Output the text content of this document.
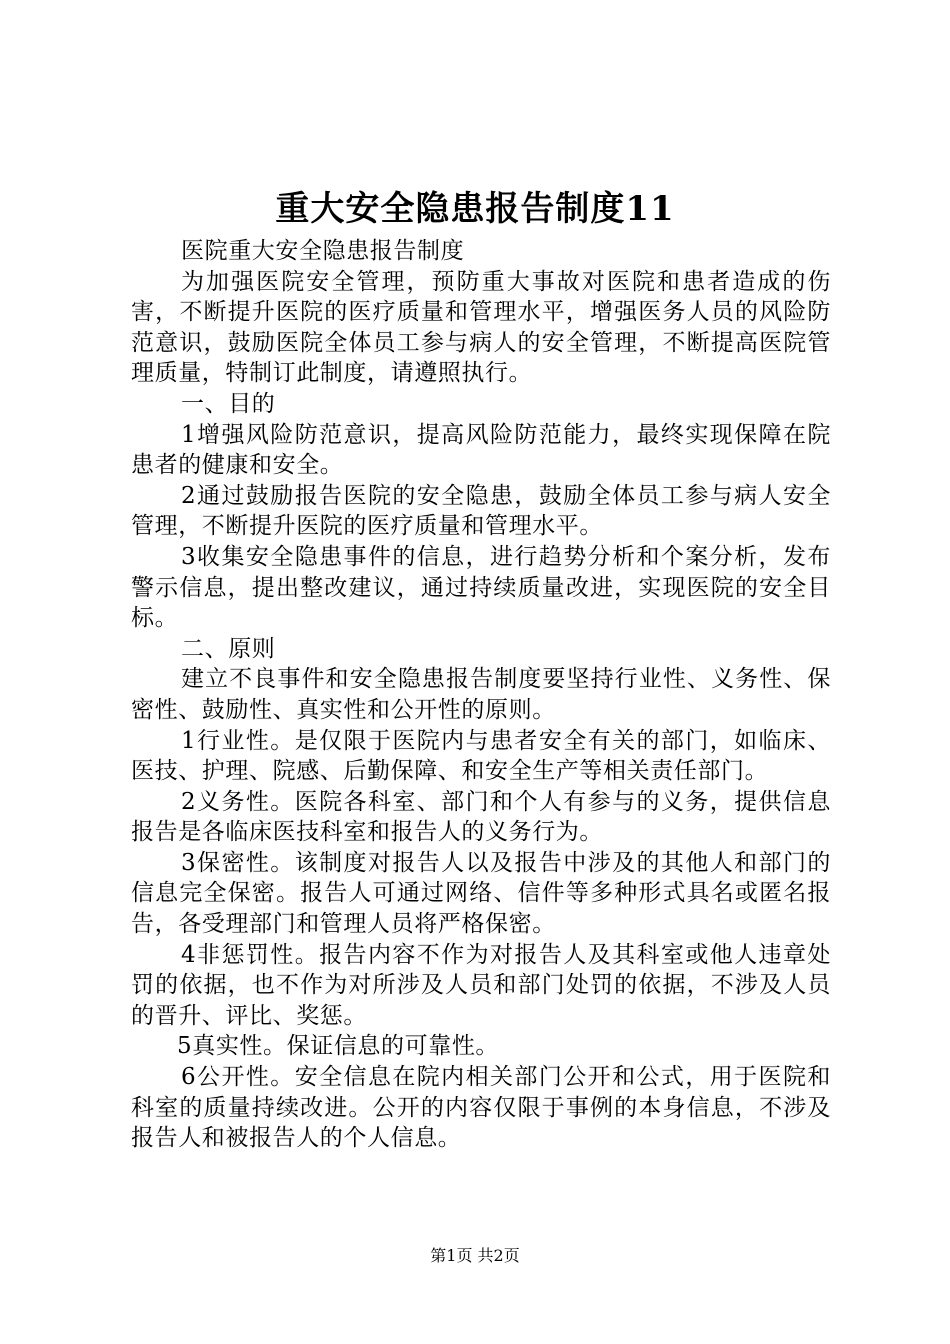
重大安全隐患报告制度11

医院重大安全隐患报告制度

为加强医院安全管理，预防重大事故对医院和患者造成的伤害，不断提升医院的医疗质量和管理水平，增强医务人员的风险防范意识，鼓励医院全体员工参与病人的安全管理，不断提高医院管理质量，特制订此制度，请遵照执行。

一、目的

1增强风险防范意识，提高风险防范能力，最终实现保障在院患者的健康和安全。

2通过鼓励报告医院的安全隐患，鼓励全体员工参与病人安全管理，不断提升医院的医疗质量和管理水平。

3收集安全隐患事件的信息，进行趋势分析和个案分析，发布警示信息，提出整改建议，通过持续质量改进，实现医院的安全目标。

二、原则

建立不良事件和安全隐患报告制度要坚持行业性、义务性、保密性、鼓励性、真实性和公开性的原则。

1行业性。是仅限于医院内与患者安全有关的部门，如临床、医技、护理、院感、后勤保障、和安全生产等相关责任部门。

2义务性。医院各科室、部门和个人有参与的义务，提供信息报告是各临床医技科室和报告人的义务行为。

3保密性。该制度对报告人以及报告中涉及的其他人和部门的信息完全保密。报告人可通过网络、信件等多种形式具名或匿名报告，各受理部门和管理人员将严格保密。

4非惩罚性。报告内容不作为对报告人及其科室或他人违章处罚的依据，也不作为对所涉及人员和部门处罚的依据，不涉及人员的晋升、评比、奖惩。

5真实性。保证信息的可靠性。

6公开性。安全信息在院内相关部门公开和公式，用于医院和科室的质量持续改进。公开的内容仅限于事例的本身信息，不涉及报告人和被报告人的个人信息。

第1页 共2页
